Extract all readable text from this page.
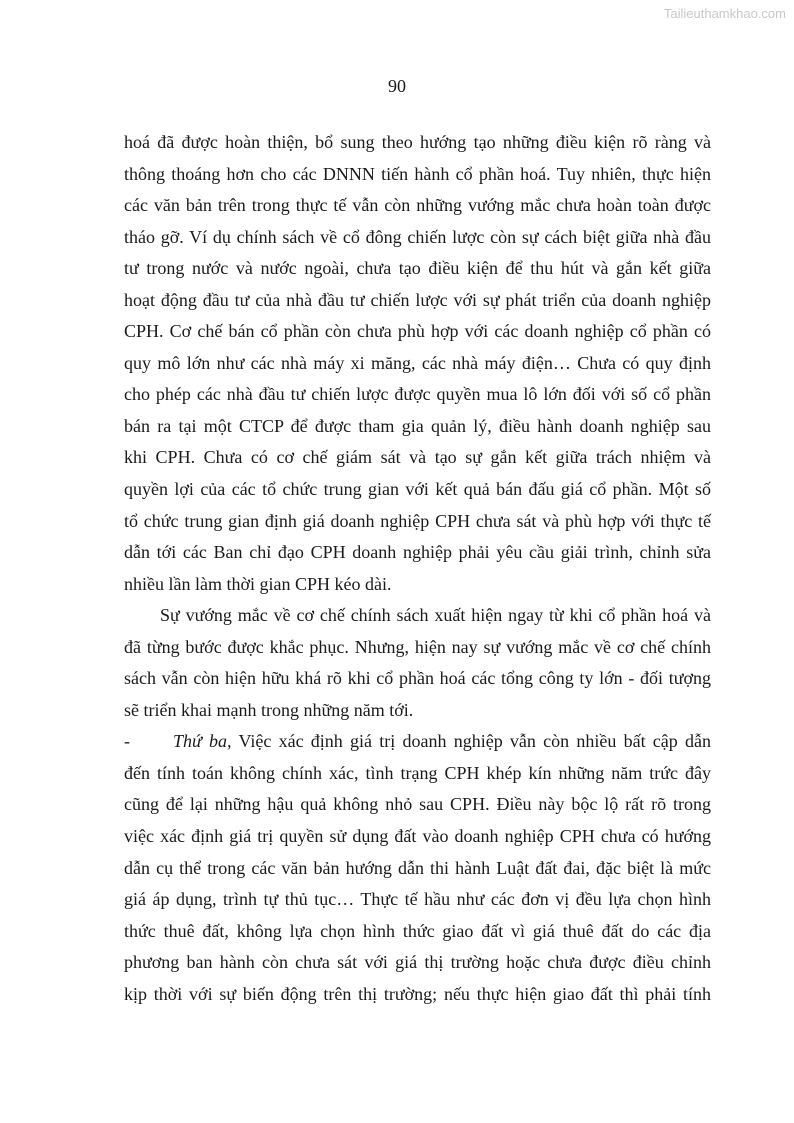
Tailieuthamkhao.com
90
hoá đã được hoàn thiện, bổ sung theo hướng tạo những điều kiện rõ ràng và
thông thoáng hơn cho các DNNN tiến hành cổ phần hoá. Tuy nhiên, thực hiện
các văn bản trên trong thực tế vẫn còn những vướng mắc chưa hoàn toàn được
tháo gỡ. Ví dụ chính sách về cổ đông chiến lược còn sự cách biệt giữa nhà đầu
tư trong nước và nước ngoài, chưa tạo điều kiện để thu hút và gắn kết giữa
hoạt động đầu tư của nhà đầu tư chiến lược với sự phát triển của doanh nghiệp
CPH. Cơ chế bán cổ phần còn chưa phù hợp với các doanh nghiệp cổ phần có
quy mô lớn như các nhà máy xi măng, các nhà máy điện… Chưa có quy định
cho phép các nhà đầu tư chiến lược được quyền mua lô lớn đối với số cổ phần
bán ra tại một CTCP để được tham gia quản lý, điều hành doanh nghiệp sau
khi CPH. Chưa có cơ chế giám sát và tạo sự gắn kết giữa trách nhiệm và
quyền lợi của các tổ chức trung gian với kết quả bán đấu giá cổ phần. Một số
tổ chức trung gian định giá doanh nghiệp CPH chưa sát và phù hợp với thực tế
dẫn tới các Ban chỉ đạo CPH doanh nghiệp phải yêu cầu giải trình, chỉnh sửa
nhiều lần làm thời gian CPH kéo dài.
Sự vướng mắc về cơ chế chính sách xuất hiện ngay từ khi cổ phần hoá và
đã từng bước được khắc phục. Nhưng, hiện nay sự vướng mắc về cơ chế chính
sách vẫn còn hiện hữu khá rõ khi cổ phần hoá các tổng công ty lớn - đối tượng
sẽ triển khai mạnh trong những năm tới.
-	Thứ ba, Việc xác định giá trị doanh nghiệp vẫn còn nhiều bất cập dẫn
đến tính toán không chính xác, tình trạng CPH khép kín những năm trức đây
cũng để lại những hậu quả không nhỏ sau CPH. Điều này bộc lộ rất rõ trong
việc xác định giá trị quyền sử dụng đất vào doanh nghiệp CPH chưa có hướng
dẫn cụ thể trong các văn bản hướng dẫn thi hành Luật đất đai, đặc biệt là mức
giá áp dụng, trình tự thủ tục… Thực tế hầu như các đơn vị đều lựa chọn hình
thức thuê đất, không lựa chọn hình thức giao đất vì giá thuê đất do các địa
phương ban hành còn chưa sát với giá thị trường hoặc chưa được điều chỉnh
kịp thời với sự biến động trên thị trường; nếu thực hiện giao đất thì phải tính
